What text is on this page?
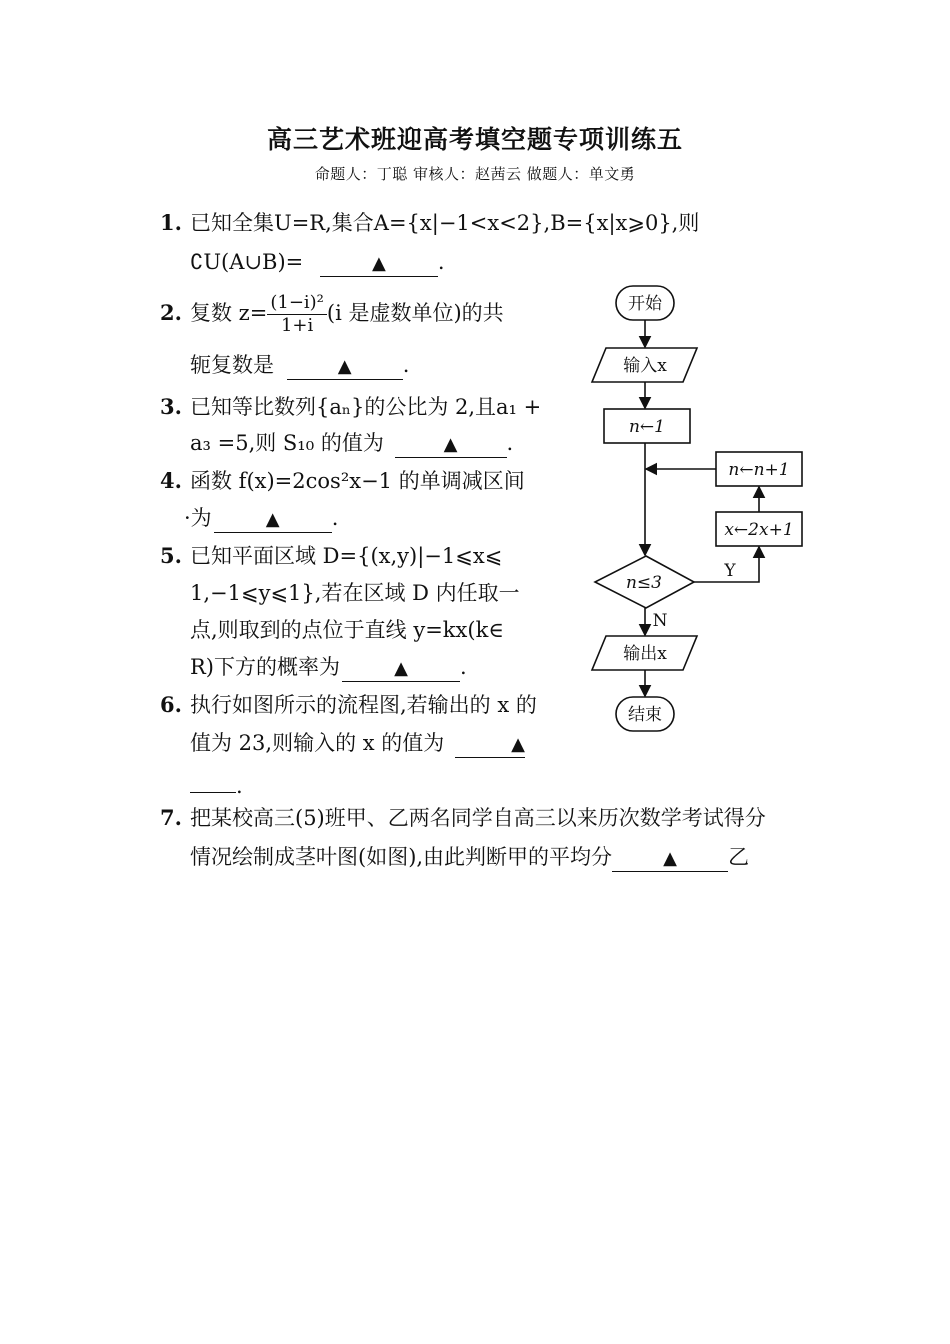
高三艺术班迎高考填空题专项训练五
命题人：丁聪 审核人：赵茜云 做题人：单文勇
1. 已知全集U=R,集合A={x|−1<x<2},B={x|x⩾0},则
∁U(A∪B)=	▲ .
2. 复数 $z= \frac{\text{(1−i)²}}{1+i} (i$ 是虚数单位)的共
轭复数是	▲ .
3. 已知等比数列{aₙ}的公比为 2,且a₁ +
a₃ =5,则 S₁₀ 的值为	▲ .
4. 函数 f(x)=2cos²x−1 的单调减区间
·为	▲ .
5. 已知平面区域 D={(x,y)|−1⩽x⩽
1,−1⩽y⩽1},若在区域 D 内任取一
点,则取到的点位于直线 y=kx(k∈
R)下方的概率为	▲ .
6. 执行如图所示的流程图,若输出的 x 的
值为 23,则输入的 x 的值为	▲
.
7. 把某校高三(5)班甲、乙两名同学自高三以来历次数学考试得分
情况绘制成茎叶图(如图),由此判断甲的平均分	▲ 乙
开始
输入x
n←1
n←n+1
x←2x+1
n≤3
Y
N
输出x
结束
